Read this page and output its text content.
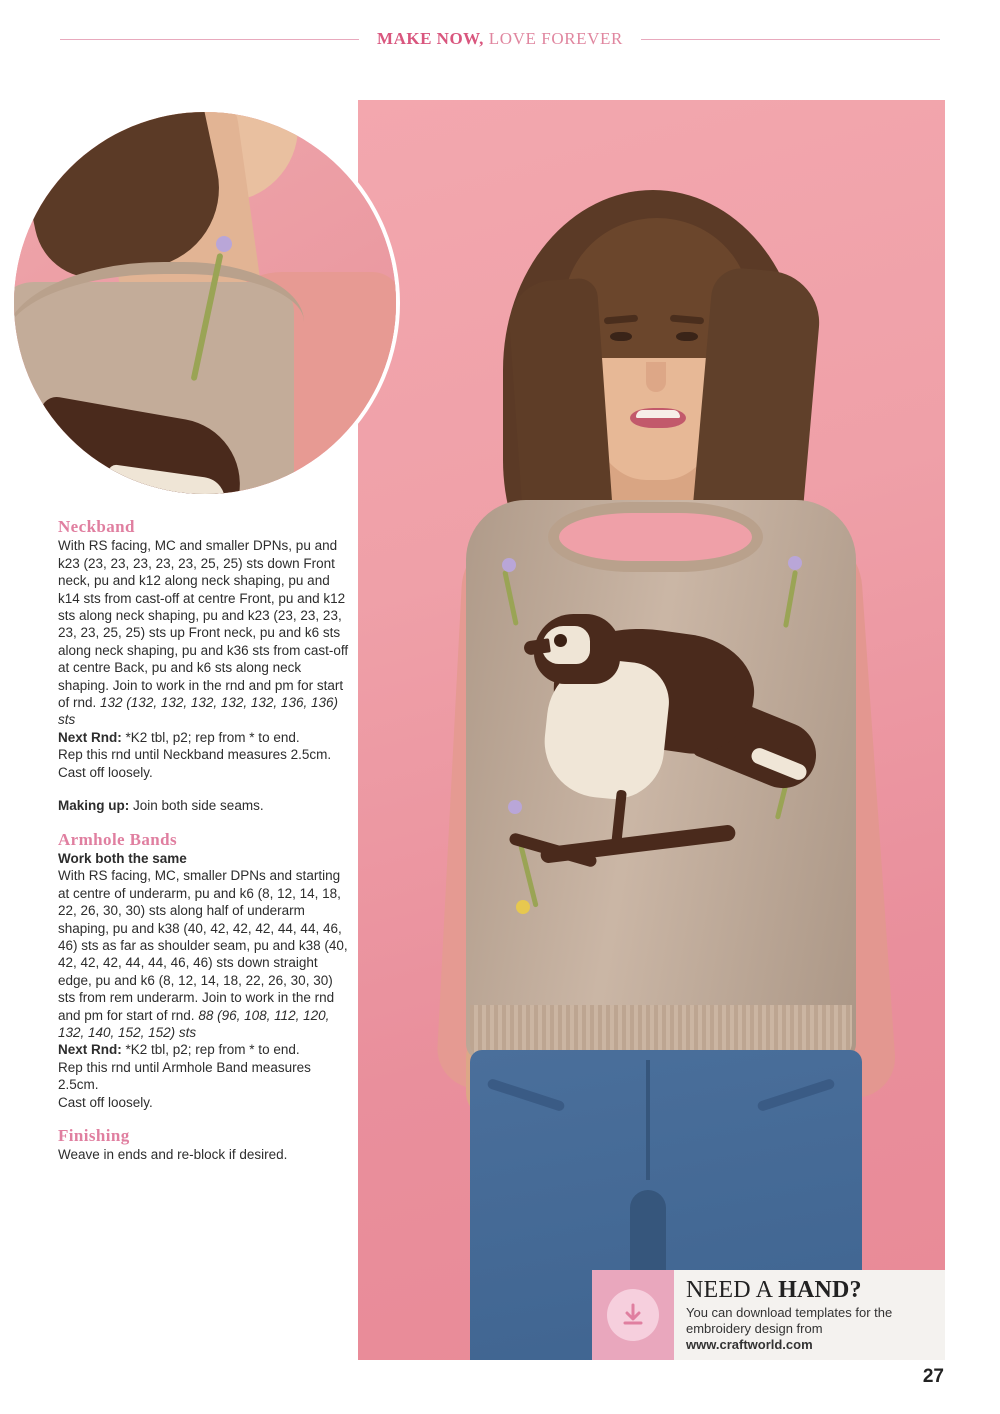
MAKE NOW, LOVE FOREVER
Neckband

With RS facing, MC and smaller DPNs, pu and k23 (23, 23, 23, 23, 23, 25, 25) sts down Front neck, pu and k12 along neck shaping, pu and k14 sts from cast-off at centre Front, pu and k12 sts along neck shaping, pu and k23 (23, 23, 23, 23, 23, 25, 25) sts up Front neck, pu and k6 sts along neck shaping, pu and k36 sts from cast-off at centre Back, pu and k6 sts along neck shaping. Join to work in the rnd and pm for start of rnd. 132 (132, 132, 132, 132, 132, 136, 136) sts

Next Rnd: *K2 tbl, p2; rep from * to end.

Rep this rnd until Neckband measures 2.5cm.

Cast off loosely.

Making up: Join both side seams.

Armhole Bands

Work both the same

With RS facing, MC, smaller DPNs and starting at centre of underarm, pu and k6 (8, 12, 14, 18, 22, 26, 30, 30) sts along half of underarm shaping, pu and k38 (40, 42, 42, 42, 44, 44, 46, 46) sts as far as shoulder seam, pu and k38 (40, 42, 42, 42, 44, 44, 46, 46) sts down straight edge, pu and k6 (8, 12, 14, 18, 22, 26, 30, 30) sts from rem underarm. Join to work in the rnd and pm for start of rnd. 88 (96, 108, 112, 120, 132, 140, 152, 152) sts

Next Rnd: *K2 tbl, p2; rep from * to end.

Rep this rnd until Armhole Band measures 2.5cm.

Cast off loosely.

Finishing

Weave in ends and re-block if desired.

NEED A HAND?
You can download templates for the
embroidery design from www.craftworld.com
27
